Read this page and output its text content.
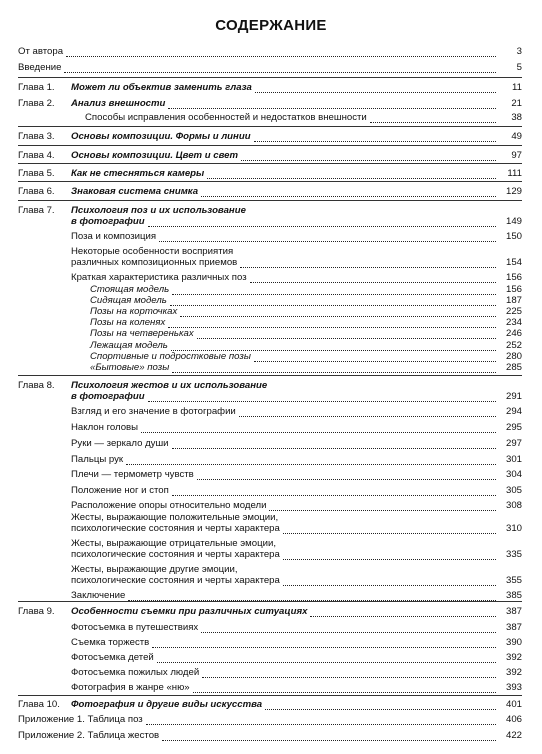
СОДЕРЖАНИЕ
От автора	3
Введение	5
Глава 1. Может ли объектив заменить глаза	11
Глава 2. Анализ внешности	21
Способы исправления особенностей и недостатков внешности	38
Глава 3. Основы композиции. Формы и линии	49
Глава 4. Основы композиции. Цвет и свет	97
Глава 5. Как не стесняться камеры	111
Глава 6. Знаковая система снимка	129
Глава 7. Психология поз и их использование
в фотографии	149
Поза и композиция	150
Некоторые особенности восприятия
различных композиционных приемов	154
Краткая характеристика различных поз	156
Стоящая модель	156
Сидящая модель	187
Позы на корточках	225
Позы на коленях	234
Позы на четвереньках	246
Лежащая модель	252
Спортивные и подростковые позы	280
«Бытовые» позы	285
Глава 8. Психология жестов и их использование
в фотографии	291
Взгляд и его значение в фотографии	294
Наклон головы	295
Руки — зеркало души	297
Пальцы рук	301
Плечи — термометр чувств	304
Положение ног и стоп	305
Расположение опоры относительно модели	308
Жесты, выражающие положительные эмоции,
психологические состояния и черты характера	310
Жесты, выражающие отрицательные эмоции,
психологические состояния и черты характера	335
Жесты, выражающие другие эмоции,
психологические состояния и черты характера	355
Заключение	385
Глава 9. Особенности съемки при различных ситуациях	387
Фотосъемка в путешествиях	387
Съемка торжеств	390
Фотосъемка детей	392
Фотосъемка пожилых людей	392
Фотография в жанре «ню»	393
Глава 10. Фотография и другие виды искусства	401
Приложение 1. Таблица поз	406
Приложение 2. Таблица жестов	422
